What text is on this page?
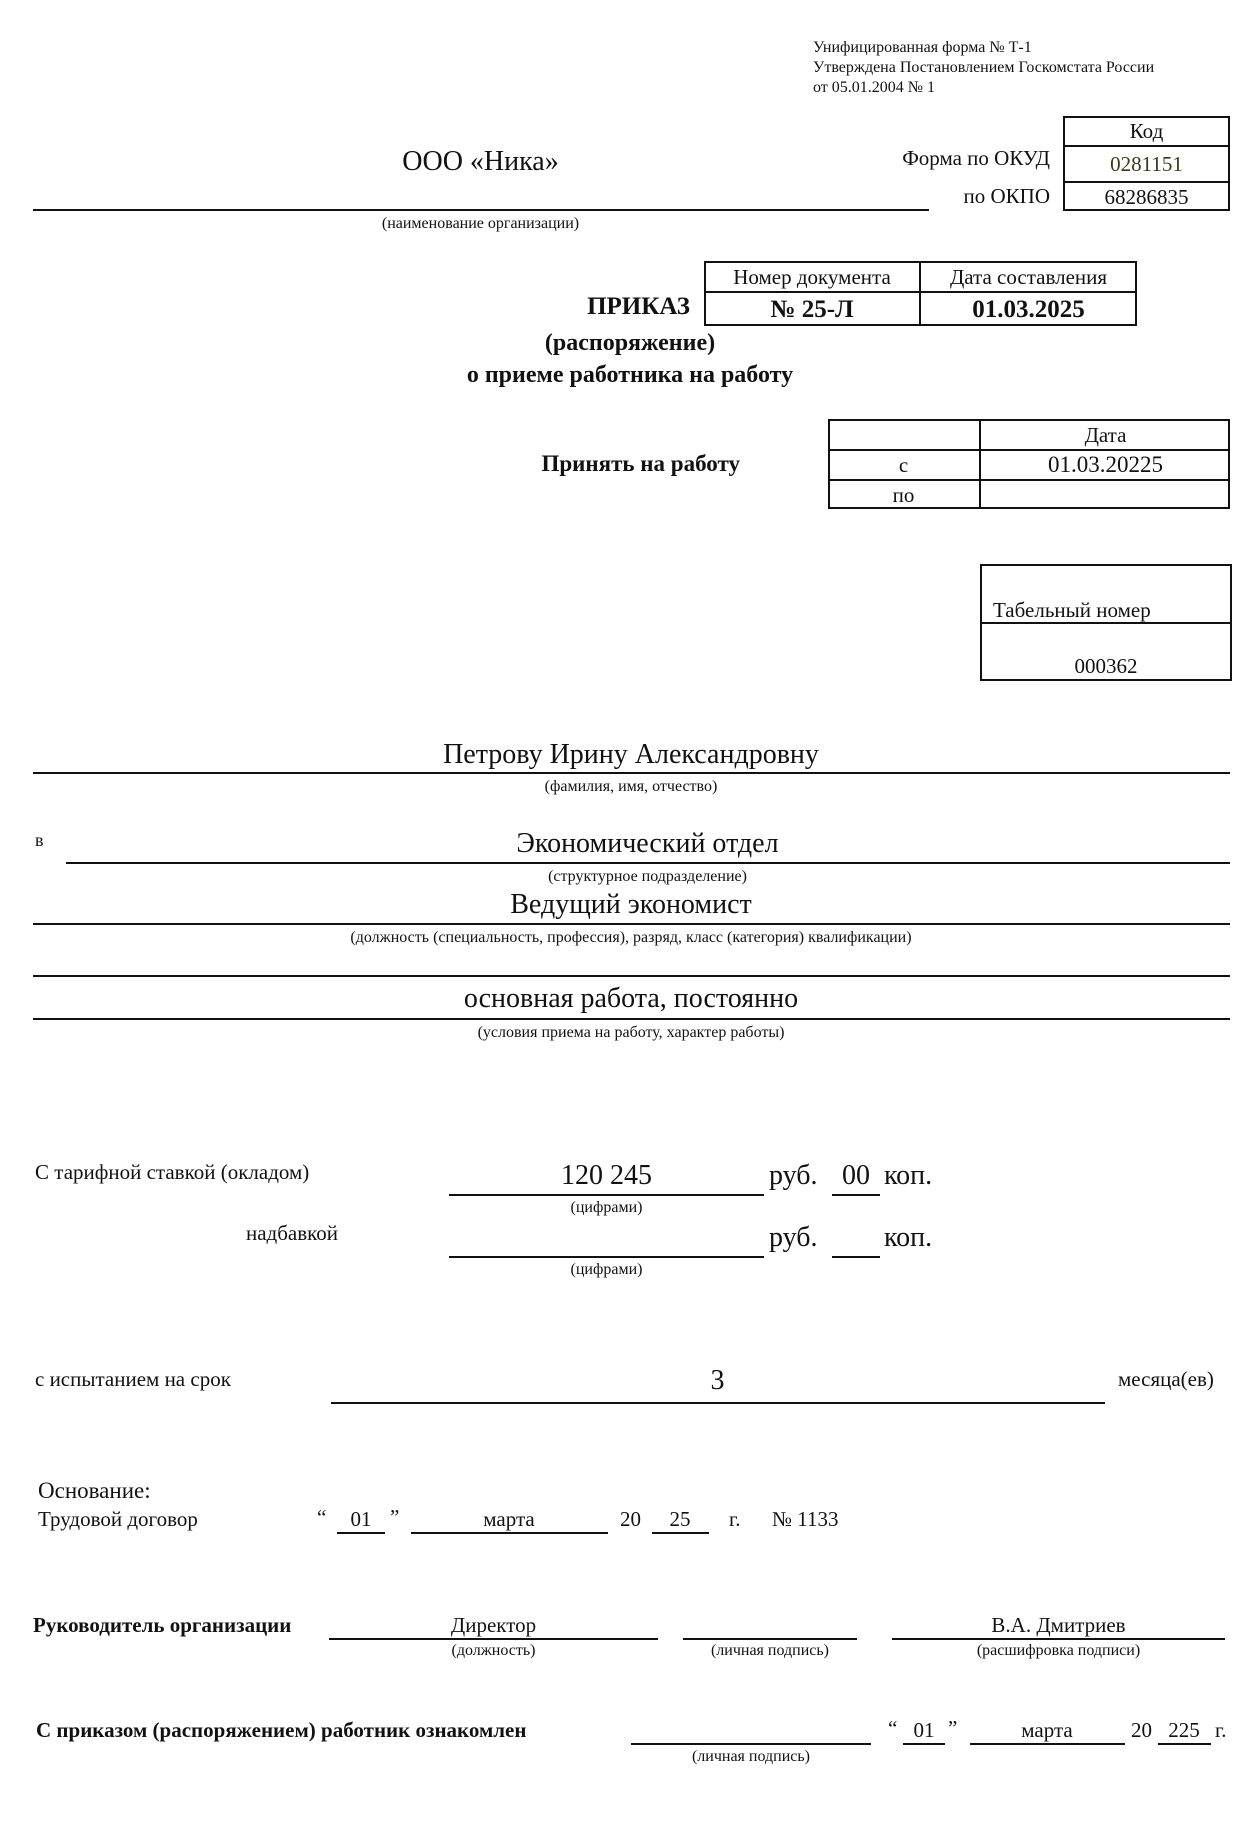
Унифицированная форма № Т-1
Утверждена Постановлением Госкомстата России
от 05.01.2004 № 1
Код
0281151
68286835
Форма по ОКУД
по ОКПО
ООО «Ника»
(наименование организации)
Номер документа	Дата составления
№ 25-Л	01.03.2025
ПРИКАЗ
(распоряжение)
о приеме работника на работу
Принять на работу
Дата
с	01.03.20225
по
Табельный номер
000362
Петрову Ирину Александровну
(фамилия, имя, отчество)
в	Экономический отдел
(структурное подразделение)
Ведущий экономист
(должность (специальность, профессия), разряд, класс (категория) квалификации)
основная работа, постоянно
(условия приема на работу, характер работы)
С тарифной ставкой (окладом)	120 245
(цифрами)
руб. 00 коп.
надбавкой
(цифрами)
руб. коп.
с испытанием на срок	3	месяца(ев)
Основание:
Трудовой договор	“	01 ”	марта	20	25	г. № 1133
Руководитель организации	Директор
(должность)	(личная подпись)
В.А. Дмитриев
(расшифровка подписи)
С приказом (распоряжением) работник ознакомлен
(личная подпись)
“ 01 ”	марта	20 225 г.
